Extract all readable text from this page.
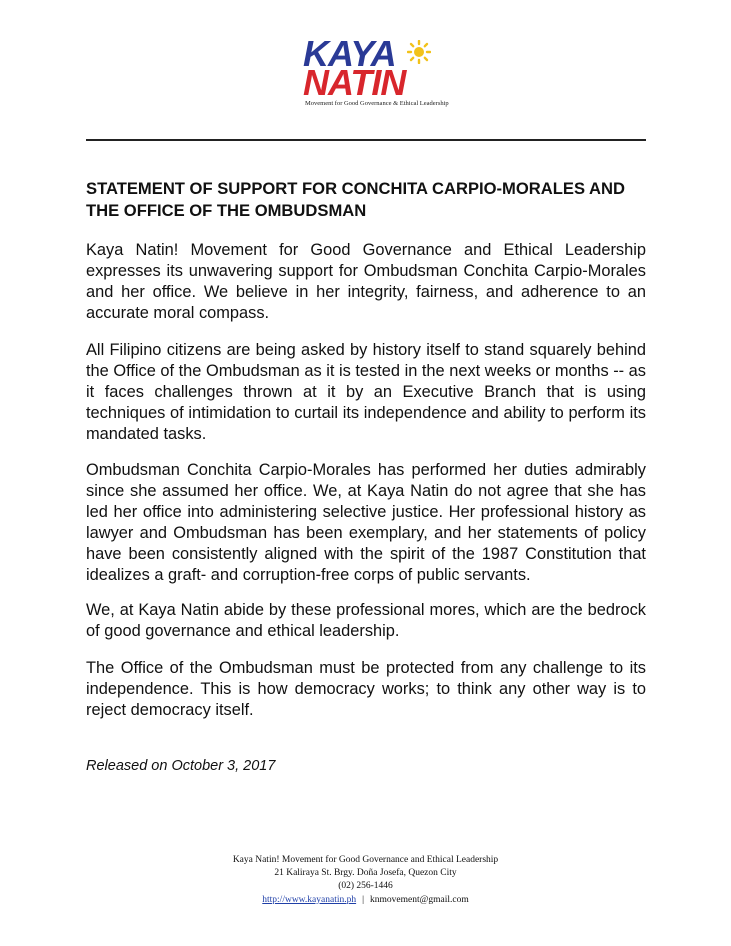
KAYA
NATIN
Movement for Good Governance & Ethical Leadership
STATEMENT OF SUPPORT FOR CONCHITA CARPIO-MORALES AND THE OFFICE OF THE OMBUDSMAN

Kaya Natin! Movement for Good Governance and Ethical Leadership expresses its unwavering support for Ombudsman Conchita Carpio-Morales and her office. We believe in her integrity, fairness, and adherence to an accurate moral compass.

All Filipino citizens are being asked by history itself to stand squarely behind the Office of the Ombudsman as it is tested in the next weeks or months -- as it faces challenges thrown at it by an Executive Branch that is using techniques of intimidation to curtail its independence and ability to perform its mandated tasks.

Ombudsman Conchita Carpio-Morales has performed her duties admirably since she assumed her office. We, at Kaya Natin do not agree that she has led her office into administering selective justice. Her professional history as lawyer and Ombudsman has been exemplary, and her statements of policy have been consistently aligned with the spirit of the 1987 Constitution that idealizes a graft- and corruption-free corps of public servants.

We, at Kaya Natin abide by these professional mores, which are the bedrock of good governance and ethical leadership.

The Office of the Ombudsman must be protected from any challenge to its independence. This is how democracy works; to think any other way is to reject democracy itself.

Released on October 3, 2017

Kaya Natin! Movement for Good Governance and Ethical Leadership
21 Kaliraya St. Brgy. Doña Josefa, Quezon City
(02) 256-1446
http://www.kayanatin.ph | knmovement@gmail.com
